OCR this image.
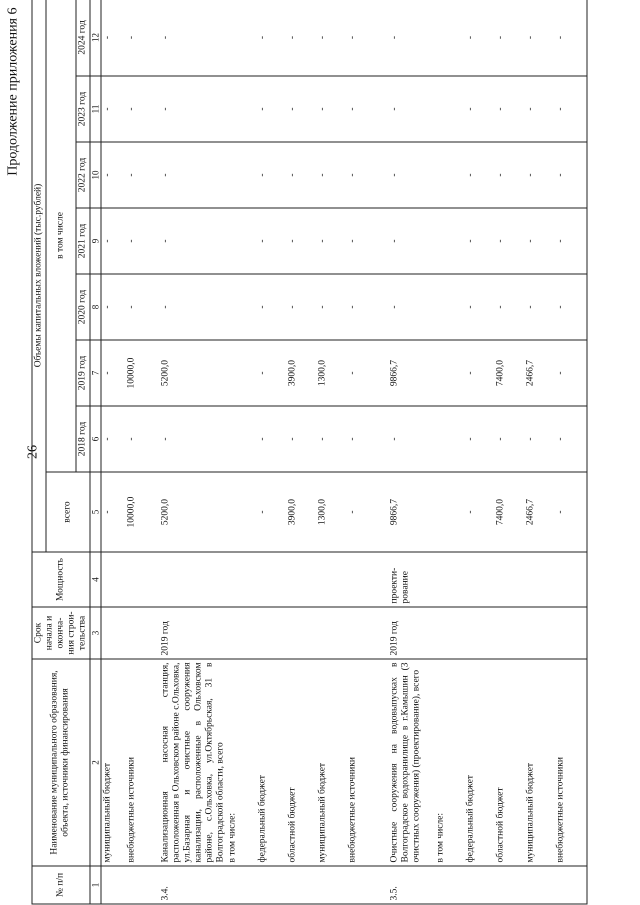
26
Продолжение приложения 6
№ п/п	Наименование муниципального образования, объекта, источники финансирования	Срок начала и оконча-ния строи-тельства	Мощность	Объемы капитальных вложений (тыс.рублей)							
				всего	в том числе						
					2018 год	2019 год	2020 год	2021 год	2022 год	2023 год	2024 год
1	2	3	4	5	6	7	8	9	10	11	12
	муниципальный бюджет			-	-	-	-	-	-	-	-
	внебюджетные источники			10000,0	-	10000,0	-	-	-	-	-
3.4.	Канализационная насосная станция, расположенная в Ольховском районе с.Ольховка, ул.Базарная и очистные сооружения канализации, расположенные в Ольховском районе, с.Ольховка, ул.Октябрьская, 31 в Волгоградской области, всего	2019 год		5200,0	-	5200,0	-	-	-	-	-
	в том числе:										
	федеральный бюджет			-	-	-	-	-	-	-	-
	областной бюджет			3900,0	-	3900,0	-	-	-	-	-
	муниципальный бюджет			1300,0	-	1300,0	-	-	-	-	-
	внебюджетные источники			-	-	-	-	-	-	-	-
3.5.	Очистные сооружения на водовыпусках в Волгоградское водохранилище в г.Камышин (3 очистных сооружения) (проектирование), всего	2019 год	проекти-рование	9866,7	-	9866,7	-	-	-	-	-
	в том числе:										
	федеральный бюджет			-	-	-	-	-	-	-	-
	областной бюджет			7400,0	-	7400,0	-	-	-	-	-
	муниципальный бюджет			2466,7	-	2466,7	-	-	-	-	-
	внебюджетные источники			-	-	-	-	-	-	-	-
